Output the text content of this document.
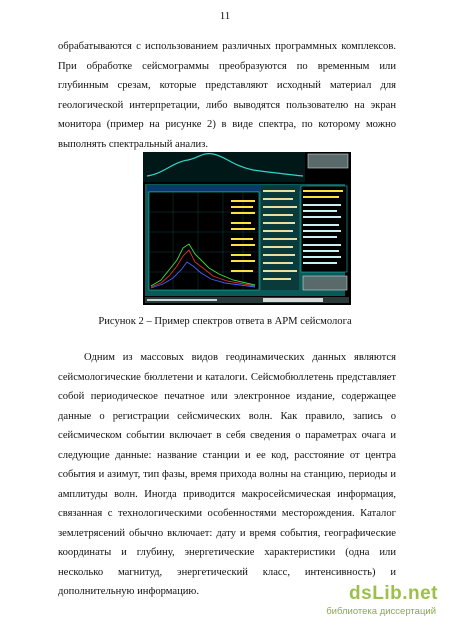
11

обрабатываются с использованием различных программных комплексов. При обработке сейсмограммы преобразуются по временным или глубинным срезам, которые представляют исходный материал для геологической интерпретации, либо выводятся пользователю на экран монитора (пример на рисунке 2) в виде спектра, по которому можно выполнять спектральный анализ.

Рисунок 2 – Пример спектров ответа в АРМ сейсмолога

Одним из массовых видов геодинамических данных являются сейсмологические бюллетени и каталоги. Сейсмобюллетень представляет собой периодическое печатное или электронное издание, содержащее данные о регистрации сейсмических волн. Как правило, запись о сейсмическом событии включает в себя сведения о параметрах очага и следующие данные: название станции и ее код, расстояние от центра события и азимут, тип фазы, время прихода волны на станцию, периоды и амплитуды волн. Иногда приводится макросейсмическая информация, связанная с технологическими особенностями месторождения. Каталог землетрясений обычно включает: дату и время события, географические координаты и глубину, энергетические характеристики (одна или несколько магнитуд, энергетический класс, интенсивность) и дополнительную информацию.	dsLib.net
библиотека диссертаций
